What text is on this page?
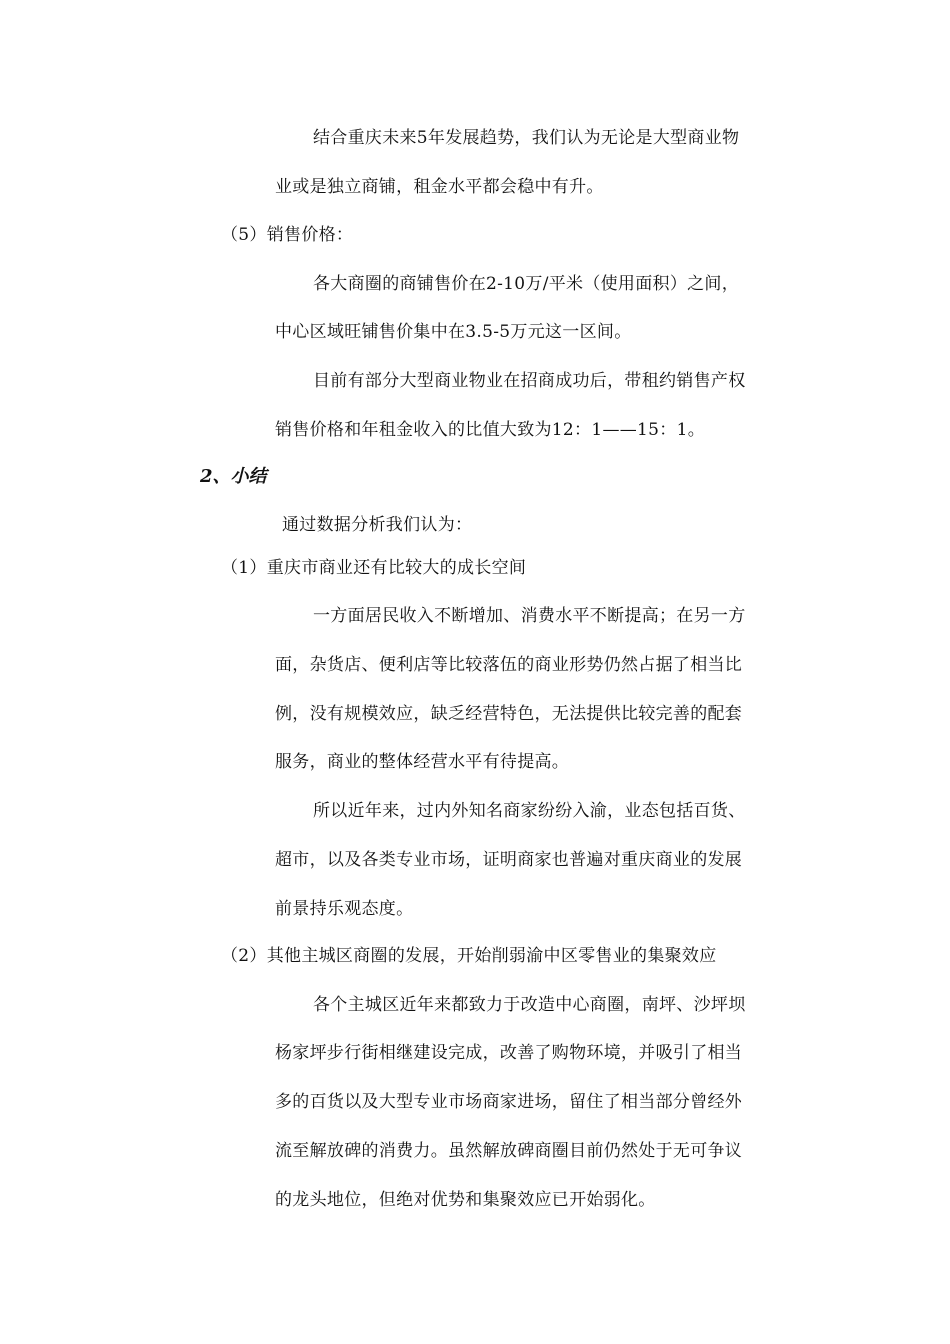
结合重庆未来5年发展趋势，我们认为无论是大型商业物
业或是独立商铺，租金水平都会稳中有升。
（5）销售价格：
各大商圈的商铺售价在2-10万/平米（使用面积）之间，
中心区域旺铺售价集中在3.5-5万元这一区间。
目前有部分大型商业物业在招商成功后，带租约销售产权
销售价格和年租金收入的比值大致为12：1——15：1。
2、小结
通过数据分析我们认为：
（1）重庆市商业还有比较大的成长空间
一方面居民收入不断增加、消费水平不断提高；在另一方
面，杂货店、便利店等比较落伍的商业形势仍然占据了相当比
例，没有规模效应，缺乏经营特色，无法提供比较完善的配套
服务，商业的整体经营水平有待提高。
所以近年来，过内外知名商家纷纷入渝，业态包括百货、
超市，以及各类专业市场，证明商家也普遍对重庆商业的发展
前景持乐观态度。
（2）其他主城区商圈的发展，开始削弱渝中区零售业的集聚效应
各个主城区近年来都致力于改造中心商圈，南坪、沙坪坝
杨家坪步行街相继建设完成，改善了购物环境，并吸引了相当
多的百货以及大型专业市场商家进场，留住了相当部分曾经外
流至解放碑的消费力。虽然解放碑商圈目前仍然处于无可争议
的龙头地位，但绝对优势和集聚效应已开始弱化。
